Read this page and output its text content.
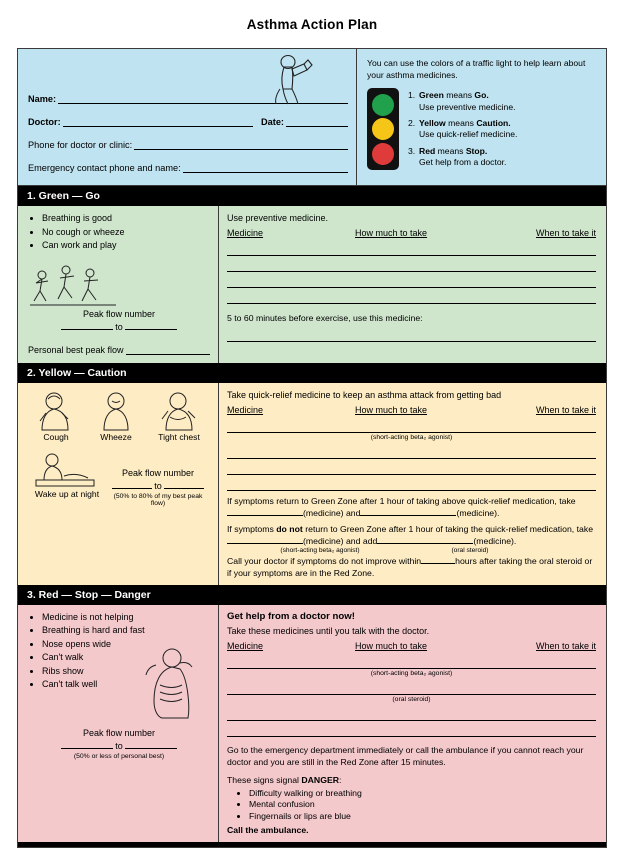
Asthma Action Plan
Name:
Doctor:	Date:
Phone for doctor or clinic:
Emergency contact phone and name:
You can use the colors of a traffic light to help learn about your asthma medicines.
1. Green means Go.
Use preventive medicine.
2. Yellow means Caution.
Use quick-relief medicine.
3. Red means Stop.
Get help from a doctor.
1. Green — Go
• Breathing is good
• No cough or wheeze
• Can work and play
Peak flow number
to
Personal best peak flow
Use preventive medicine.
Medicine	How much to take	When to take it
5 to 60 minutes before exercise, use this medicine:
2. Yellow — Caution
Cough	Wheeze	Tight chest
Wake up at night
Peak flow number
to
(50% to 80% of my best peak flow)
Take quick-relief medicine to keep an asthma attack from getting bad
Medicine	How much to take	When to take it
(short-acting beta₂ agonist)
If symptoms return to Green Zone after 1 hour of taking above quick-relief medication, take (medicine) and	(medicine).
If symptoms do not return to Green Zone after 1 hour of taking the quick-relief medication, take (medicine) and add	(medicine).
(short-acting beta₂ agonist)	(oral steroid)
Call your doctor if symptoms do not improve within	hours after taking the oral steroid or if your symptoms are in the Red Zone.
3. Red — Stop — Danger
• Medicine is not helping
• Breathing is hard and fast
• Nose opens wide
• Can't walk
• Ribs show
• Can't talk well
Peak flow number
to
(50% or less of personal best)
Get help from a doctor now!
Take these medicines until you talk with the doctor.
Medicine	How much to take	When to take it
(short-acting beta₂ agonist)
(oral steroid)
Go to the emergency department immediately or call the ambulance if you cannot reach your doctor and you are still in the Red Zone after 15 minutes.
These signs signal DANGER:
• Difficulty walking or breathing
• Mental confusion
• Fingernails or lips are blue
Call the ambulance.
